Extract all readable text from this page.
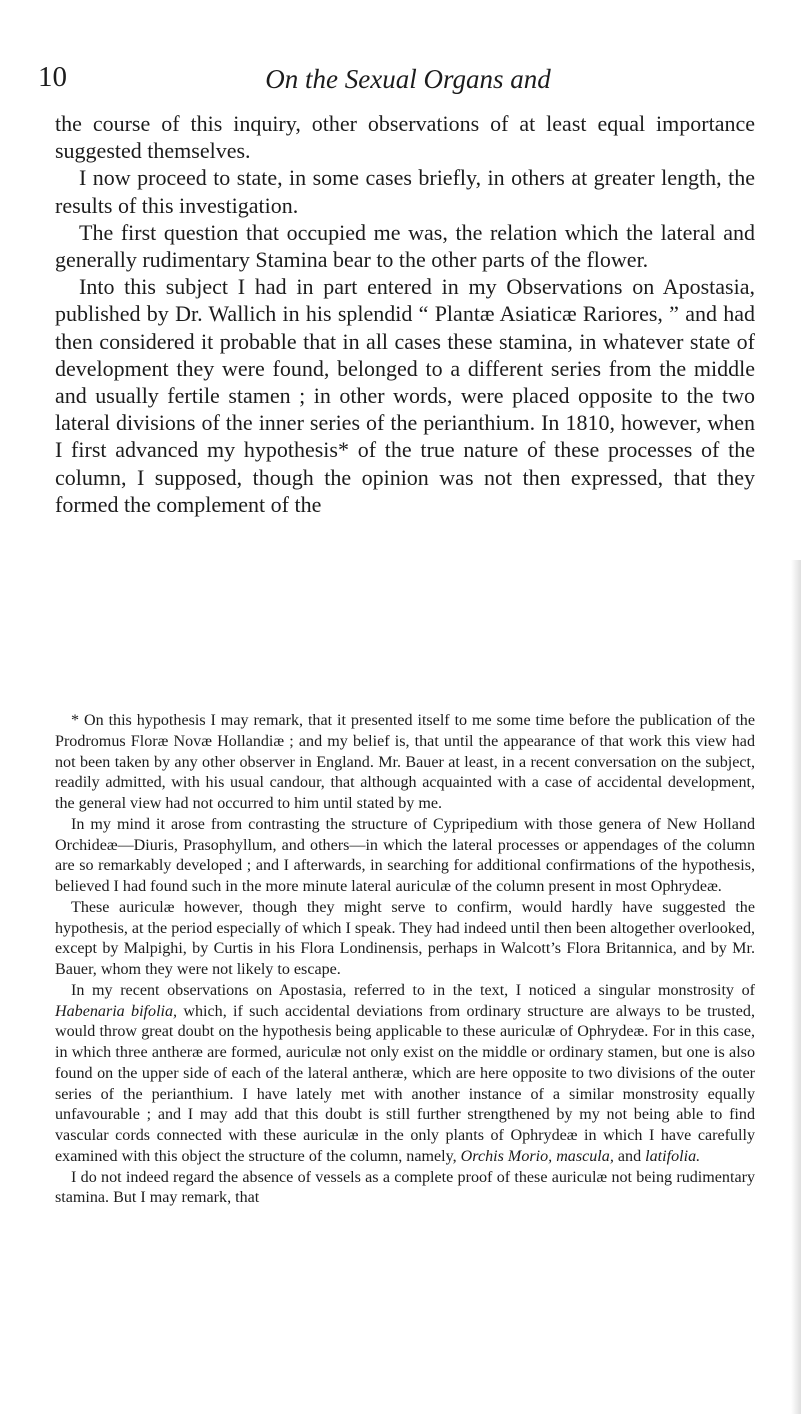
10	On the Sexual Organs and

the course of this inquiry, other observations of at least equal importance suggested themselves.

I now proceed to state, in some cases briefly, in others at greater length, the results of this investigation.

The first question that occupied me was, the relation which the lateral and generally rudimentary Stamina bear to the other parts of the flower.

Into this subject I had in part entered in my Observations on Apostasia, published by Dr. Wallich in his splendid “ Plantæ Asiaticæ Rariores, ” and had then considered it probable that in all cases these stamina, in whatever state of development they were found, belonged to a different series from the middle and usually fertile stamen ; in other words, were placed opposite to the two lateral divisions of the inner series of the perianthium. In 1810, however, when I first advanced my hypothesis* of the true nature of these processes of the column, I supposed, though the opinion was not then expressed, that they formed the complement of the

* On this hypothesis I may remark, that it presented itself to me some time before the publication of the Prodromus Floræ Novæ Hollandiæ ; and my belief is, that until the appearance of that work this view had not been taken by any other observer in England. Mr. Bauer at least, in a recent conversation on the subject, readily admitted, with his usual candour, that although acquainted with a case of accidental development, the general view had not occurred to him until stated by me.

In my mind it arose from contrasting the structure of Cypripedium with those genera of New Holland Orchideæ—Diuris, Prasophyllum, and others—in which the lateral processes or appendages of the column are so remarkably developed ; and I afterwards, in searching for additional confirmations of the hypothesis, believed I had found such in the more minute lateral auriculæ of the column present in most Ophrydeæ.

These auriculæ however, though they might serve to confirm, would hardly have suggested the hypothesis, at the period especially of which I speak. They had indeed until then been altogether overlooked, except by Malpighi, by Curtis in his Flora Londinensis, perhaps in Walcott’s Flora Britannica, and by Mr. Bauer, whom they were not likely to escape.

In my recent observations on Apostasia, referred to in the text, I noticed a singular monstrosity of Habenaria bifolia, which, if such accidental deviations from ordinary structure are always to be trusted, would throw great doubt on the hypothesis being applicable to these auriculæ of Ophrydeæ. For in this case, in which three antheræ are formed, auriculæ not only exist on the middle or ordinary stamen, but one is also found on the upper side of each of the lateral antheræ, which are here opposite to two divisions of the outer series of the perianthium. I have lately met with another instance of a similar monstrosity equally unfavourable ; and I may add that this doubt is still further strengthened by my not being able to find vascular cords connected with these auriculæ in the only plants of Ophrydeæ in which I have carefully examined with this object the structure of the column, namely, Orchis Morio, mascula, and latifolia.

I do not indeed regard the absence of vessels as a complete proof of these auriculæ not being rudimentary stamina. But I may remark, that
